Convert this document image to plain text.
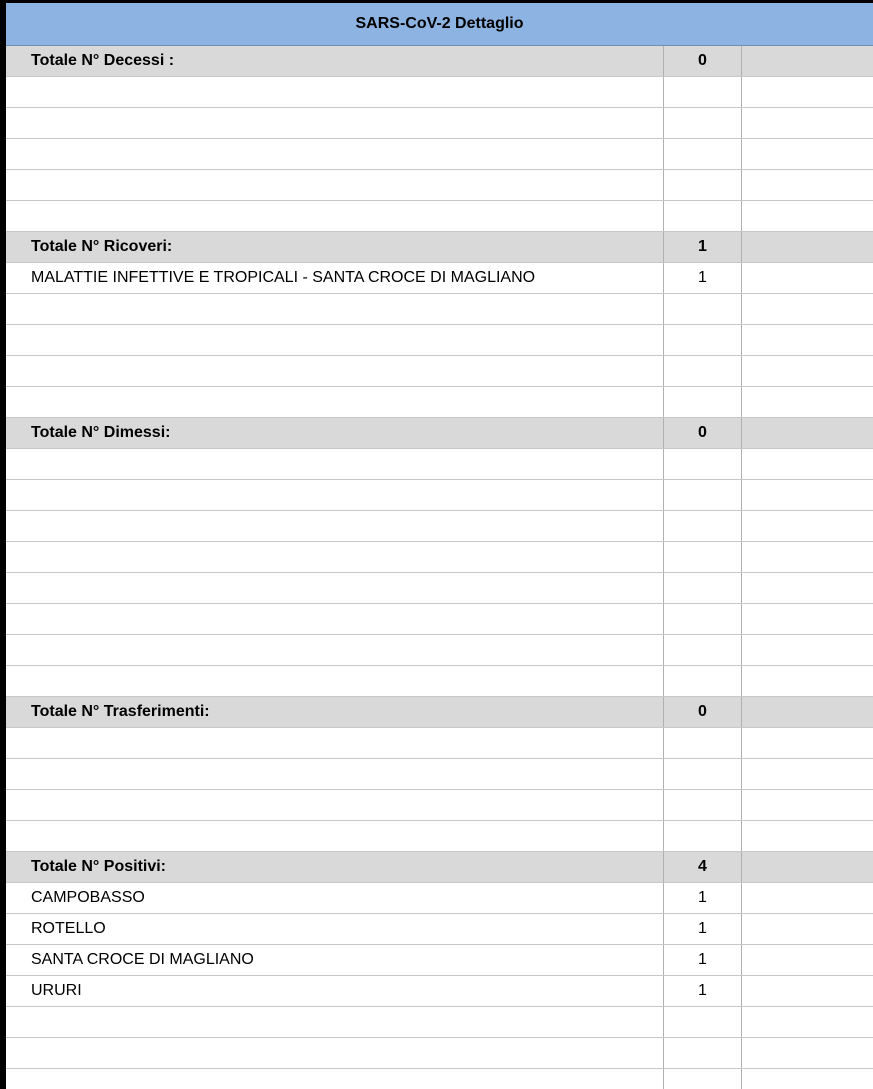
SARS-CoV-2 Dettaglio
Totale N° Decessi :	0
Totale N° Ricoveri:	1
MALATTIE INFETTIVE E TROPICALI - SANTA CROCE DI MAGLIANO	1
Totale N° Dimessi:	0
Totale N° Trasferimenti:	0
Totale N° Positivi:	4
CAMPOBASSO	1
ROTELLO	1
SANTA CROCE DI MAGLIANO	1
URURI	1
